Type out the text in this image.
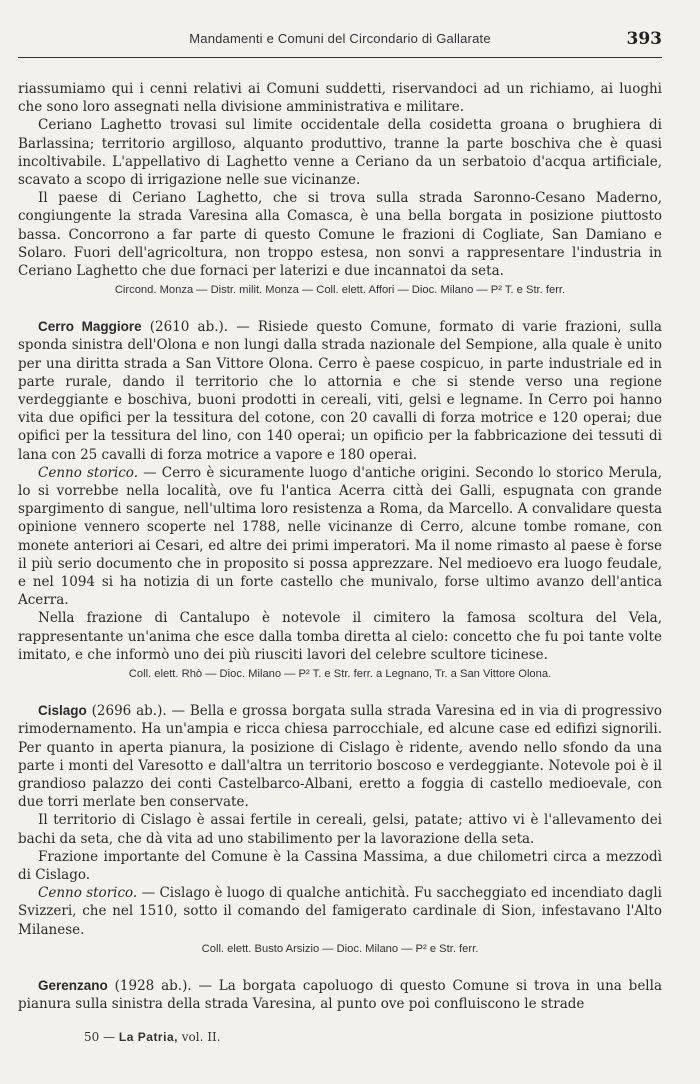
Mandamenti e Comuni del Circondario di Gallarate	393

riassumiamo qui i cenni relativi ai Comuni suddetti, riservandoci ad un richiamo, ai luoghi che sono loro assegnati nella divisione amministrativa e militare.

Ceriano Laghetto trovasi sul limite occidentale della cosidetta groana o brughiera di Barlassina; territorio argilloso, alquanto produttivo, tranne la parte boschiva che è quasi incoltivabile. L'appellativo di Laghetto venne a Ceriano da un serbatoio d'acqua artificiale, scavato a scopo di irrigazione nelle sue vicinanze.

Il paese di Ceriano Laghetto, che si trova sulla strada Saronno-Cesano Maderno, congiungente la strada Varesina alla Comasca, è una bella borgata in posizione piuttosto bassa. Concorrono a far parte di questo Comune le frazioni di Cogliate, San Damiano e Solaro. Fuori dell'agricoltura, non troppo estesa, non sonvi a rappresentare l'industria in Ceriano Laghetto che due fornaci per laterizi e due incannatoi da seta.

Circond. Monza — Distr. milit. Monza — Coll. elett. Affori — Dioc. Milano — P² T. e Str. ferr.

Cerro Maggiore (2610 ab.). — Risiede questo Comune, formato di varie frazioni, sulla sponda sinistra dell'Olona e non lungi dalla strada nazionale del Sempione, alla quale è unito per una diritta strada a San Vittore Olona. Cerro è paese cospicuo, in parte industriale ed in parte rurale, dando il territorio che lo attornia e che si stende verso una regione verdeggiante e boschiva, buoni prodotti in cereali, viti, gelsi e legname. In Cerro poi hanno vita due opifici per la tessitura del cotone, con 20 cavalli di forza motrice e 120 operai; due opifici per la tessitura del lino, con 140 operai; un opificio per la fabbricazione dei tessuti di lana con 25 cavalli di forza motrice a vapore e 180 operai.

Cenno storico. — Cerro è sicuramente luogo d'antiche origini. Secondo lo storico Merula, lo si vorrebbe nella località, ove fu l'antica Acerra città dei Galli, espugnata con grande spargimento di sangue, nell'ultima loro resistenza a Roma, da Marcello. A convalidare questa opinione vennero scoperte nel 1788, nelle vicinanze di Cerro, alcune tombe romane, con monete anteriori ai Cesari, ed altre dei primi imperatori. Ma il nome rimasto al paese è forse il più serio documento che in proposito si possa apprezzare. Nel medioevo era luogo feudale, e nel 1094 si ha notizia di un forte castello che munivalo, forse ultimo avanzo dell'antica Acerra.

Nella frazione di Cantalupo è notevole il cimitero la famosa scoltura del Vela, rappresentante un'anima che esce dalla tomba diretta al cielo: concetto che fu poi tante volte imitato, e che informò uno dei più riusciti lavori del celebre scultore ticinese.

Coll. elett. Rhò — Dioc. Milano — P² T. e Str. ferr. a Legnano, Tr. a San Vittore Olona.

Cislago (2696 ab.). — Bella e grossa borgata sulla strada Varesina ed in via di progressivo rimodernamento. Ha un'ampia e ricca chiesa parrocchiale, ed alcune case ed edifizi signorili. Per quanto in aperta pianura, la posizione di Cislago è ridente, avendo nello sfondo da una parte i monti del Varesotto e dall'altra un territorio boscoso e verdeggiante. Notevole poi è il grandioso palazzo dei conti Castelbarco-Albani, eretto a foggia di castello medioevale, con due torri merlate ben conservate.

Il territorio di Cislago è assai fertile in cereali, gelsi, patate; attivo vi è l'allevamento dei bachi da seta, che dà vita ad uno stabilimento per la lavorazione della seta.

Frazione importante del Comune è la Cassina Massima, a due chilometri circa a mezzodì di Cislago.

Cenno storico. — Cislago è luogo di qualche antichità. Fu saccheggiato ed incendiato dagli Svizzeri, che nel 1510, sotto il comando del famigerato cardinale di Sion, infestavano l'Alto Milanese.

Coll. elett. Busto Arsizio — Dioc. Milano — P² e Str. ferr.

Gerenzano (1928 ab.). — La borgata capoluogo di questo Comune si trova in una bella pianura sulla sinistra della strada Varesina, al punto ove poi confluiscono le strade

50 — La Patria, vol. II.
